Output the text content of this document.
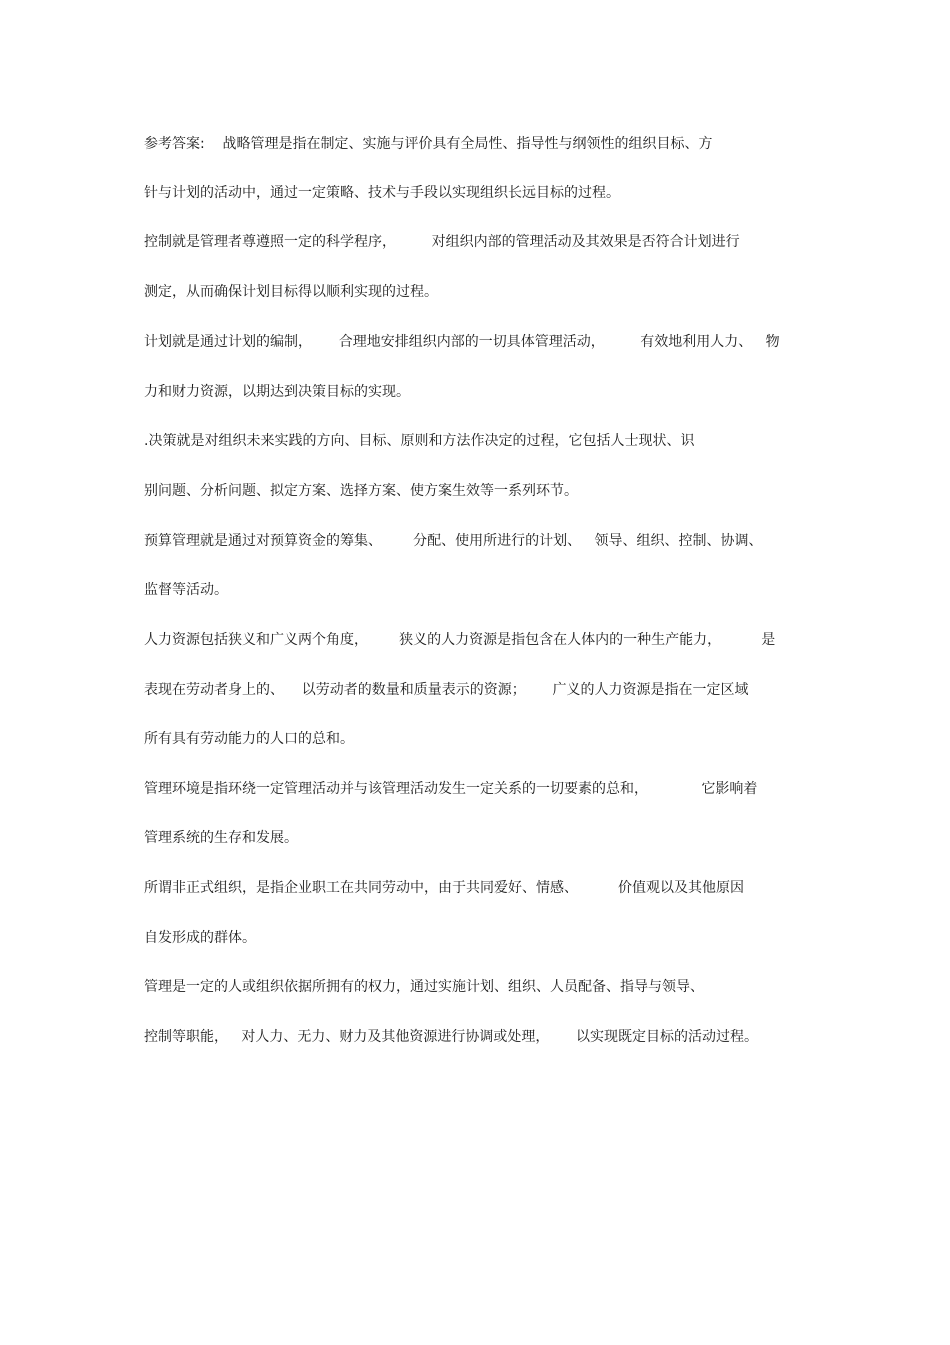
参考答案:    战略管理是指在制定、实施与评价具有全局性、指导性与纲领性的组织目标、方
针与计划的活动中，通过一定策略、技术与手段以实现组织长远目标的过程。
控制就是管理者尊遵照一定的科学程序，        对组织内部的管理活动及其效果是否符合计划进行
测定，从而确保计划目标得以顺利实现的过程。
计划就是通过计划的编制，      合理地安排组织内部的一切具体管理活动，        有效地利用人力、   物
力和财力资源，以期达到决策目标的实现。
.决策就是对组织未来实践的方向、目标、原则和方法作决定的过程，它包括人士现状、识
别问题、分析问题、拟定方案、选择方案、使方案生效等一系列环节。
预算管理就是通过对预算资金的筹集、       分配、使用所进行的计划、   领导、组织、控制、协调、
监督等活动。
人力资源包括狭义和广义两个角度，       狭义的人力资源是指包含在人体内的一种生产能力，         是
表现在劳动者身上的、    以劳动者的数量和质量表示的资源；      广义的人力资源是指在一定区域
所有具有劳动能力的人口的总和。
管理环境是指环绕一定管理活动并与该管理活动发生一定关系的一切要素的总和，            它影响着
管理系统的生存和发展。
所谓非正式组织，是指企业职工在共同劳动中，由于共同爱好、情感、         价值观以及其他原因
自发形成的群体。
管理是一定的人或组织依据所拥有的权力，通过实施计划、组织、人员配备、指导与领导、
控制等职能，   对人力、无力、财力及其他资源进行协调或处理，      以实现既定目标的活动过程。
